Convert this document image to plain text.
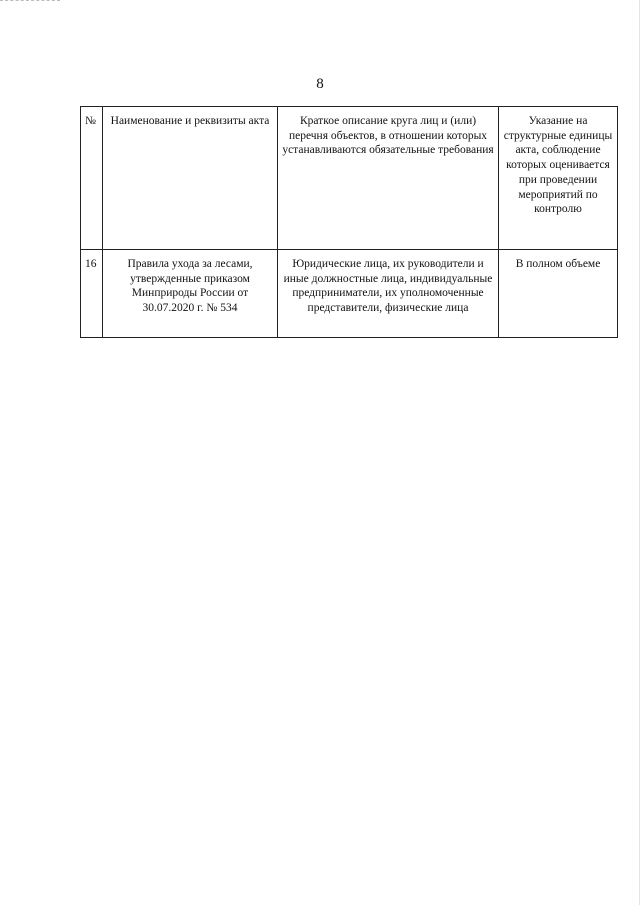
8
№	Наименование и реквизиты акта	Краткое описание круга лиц и (или) перечня объектов, в отношении которых устанавливаются обязательные требования	Указание на структурные единицы акта, соблюдение которых оценивается при проведении мероприятий по контролю
16	Правила ухода за лесами, утвержденные приказом Минприроды России от 30.07.2020 г. № 534	Юридические лица, их руководители и иные должностные лица, индивидуальные предприниматели, их уполномоченные представители, физические лица	В полном объеме
